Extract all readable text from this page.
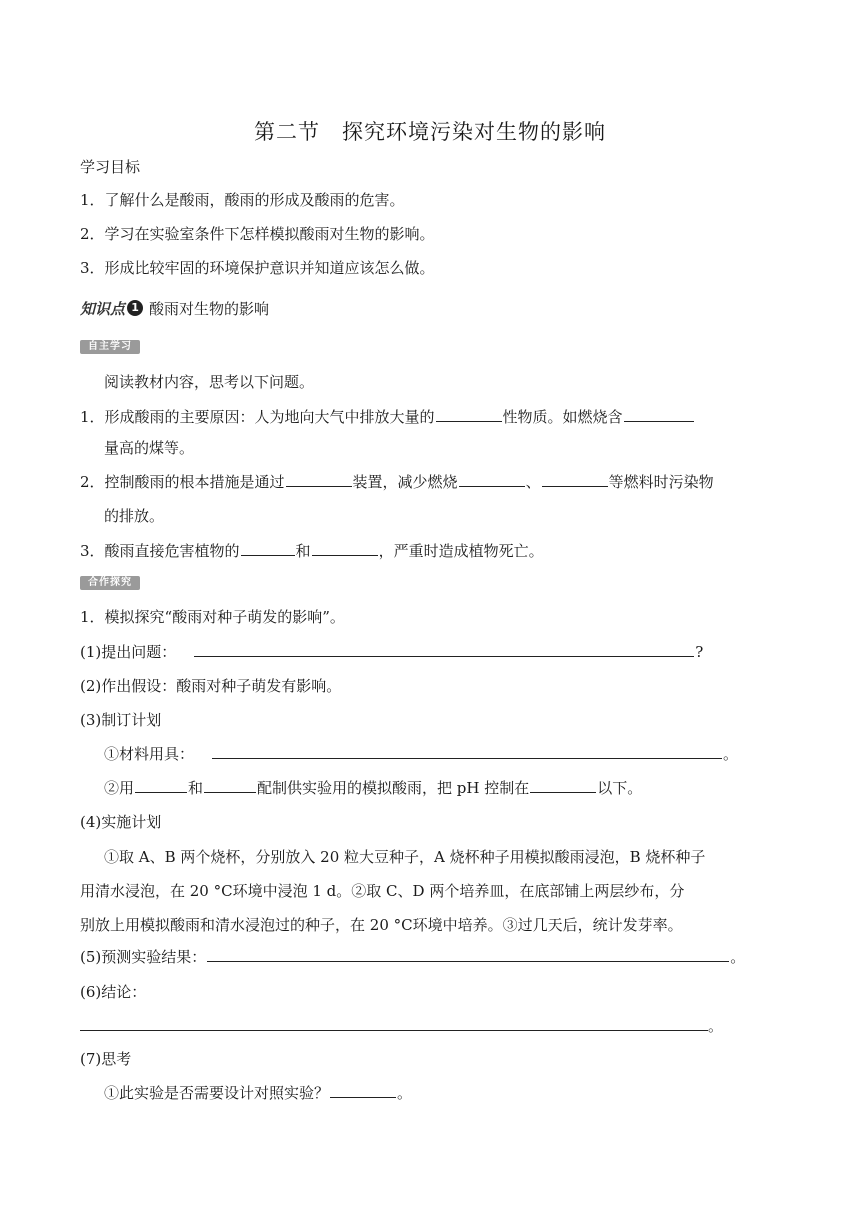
第二节 探究环境污染对生物的影响
学习目标
1．了解什么是酸雨，酸雨的形成及酸雨的危害。
2．学习在实验室条件下怎样模拟酸雨对生物的影响。
3．形成比较牢固的环境保护意识并知道应该怎么做。
知识点 1 酸雨对生物的影响
自主学习
阅读教材内容，思考以下问题。
1．形成酸雨的主要原因：人为地向大气中排放大量的	性物质。如燃烧含
量高的煤等。
2．控制酸雨的根本措施是通过	装置，减少燃烧	、	等燃料时污染物
的排放。
3．酸雨直接危害植物的	和	，严重时造成植物死亡。
合作探究
1．模拟探究“酸雨对种子萌发的影响”。
(1)提出问题：	?
(2)作出假设：酸雨对种子萌发有影响。
(3)制订计划
①材料用具：	。
②用	和	配制供实验用的模拟酸雨，把 pH 控制在	以下。
(4)实施计划
①取 A、B 两个烧杯，分别放入 20 粒大豆种子，A 烧杯种子用模拟酸雨浸泡，B 烧杯种子
用清水浸泡，在 20 °C环境中浸泡 1 d。②取 C、D 两个培养皿，在底部铺上两层纱布，分
别放上用模拟酸雨和清水浸泡过的种子，在 20 °C环境中培养。③过几天后，统计发芽率。
(5)预测实验结果：	。
(6)结论：
。
(7)思考
①此实验是否需要设计对照实验？	。
